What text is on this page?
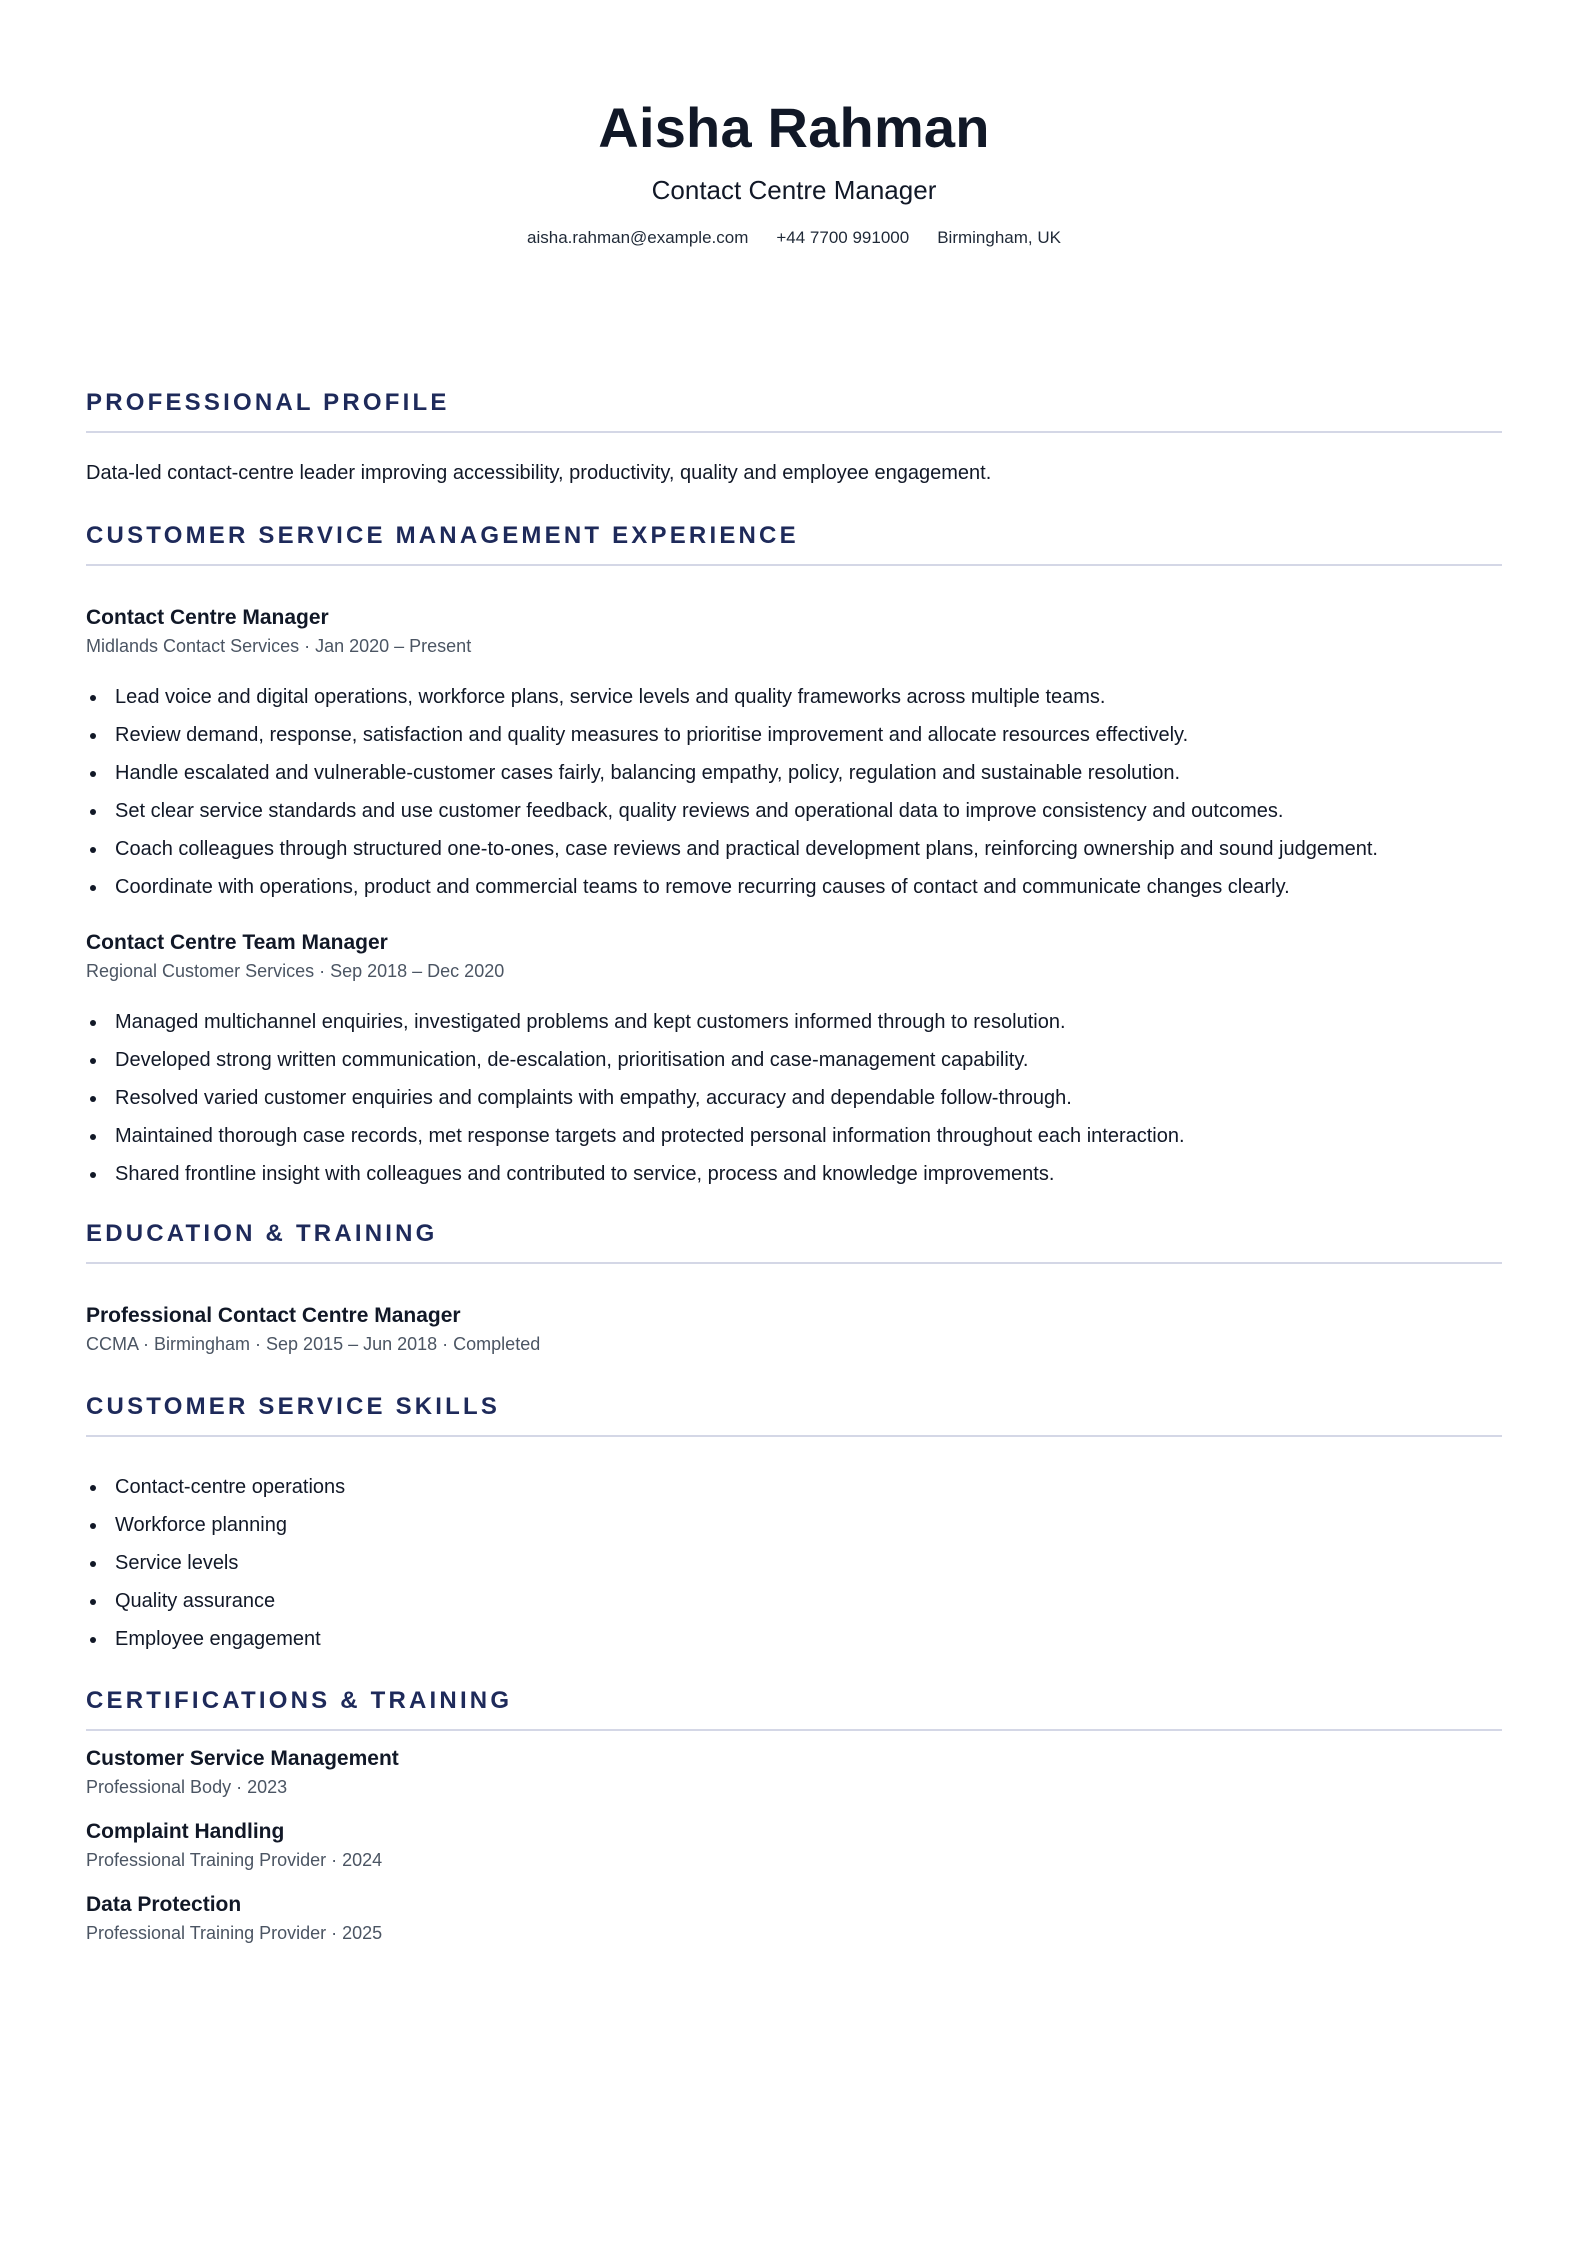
Aisha Rahman
Contact Centre Manager
aisha.rahman@example.com +44 7700 991000 Birmingham, UK
PROFESSIONAL PROFILE
Data-led contact-centre leader improving accessibility, productivity, quality and employee engagement.
CUSTOMER SERVICE MANAGEMENT EXPERIENCE
Contact Centre Manager
Midlands Contact Services · Jan 2020 – Present
Lead voice and digital operations, workforce plans, service levels and quality frameworks across multiple teams.
Review demand, response, satisfaction and quality measures to prioritise improvement and allocate resources effectively.
Handle escalated and vulnerable-customer cases fairly, balancing empathy, policy, regulation and sustainable resolution.
Set clear service standards and use customer feedback, quality reviews and operational data to improve consistency and outcomes.
Coach colleagues through structured one-to-ones, case reviews and practical development plans, reinforcing ownership and sound judgement.
Coordinate with operations, product and commercial teams to remove recurring causes of contact and communicate changes clearly.
Contact Centre Team Manager
Regional Customer Services · Sep 2018 – Dec 2020
Managed multichannel enquiries, investigated problems and kept customers informed through to resolution.
Developed strong written communication, de-escalation, prioritisation and case-management capability.
Resolved varied customer enquiries and complaints with empathy, accuracy and dependable follow-through.
Maintained thorough case records, met response targets and protected personal information throughout each interaction.
Shared frontline insight with colleagues and contributed to service, process and knowledge improvements.
EDUCATION & TRAINING
Professional Contact Centre Manager
CCMA · Birmingham · Sep 2015 – Jun 2018 · Completed
CUSTOMER SERVICE SKILLS
Contact-centre operations
Workforce planning
Service levels
Quality assurance
Employee engagement
CERTIFICATIONS & TRAINING
Customer Service Management
Professional Body · 2023
Complaint Handling
Professional Training Provider · 2024
Data Protection
Professional Training Provider · 2025
